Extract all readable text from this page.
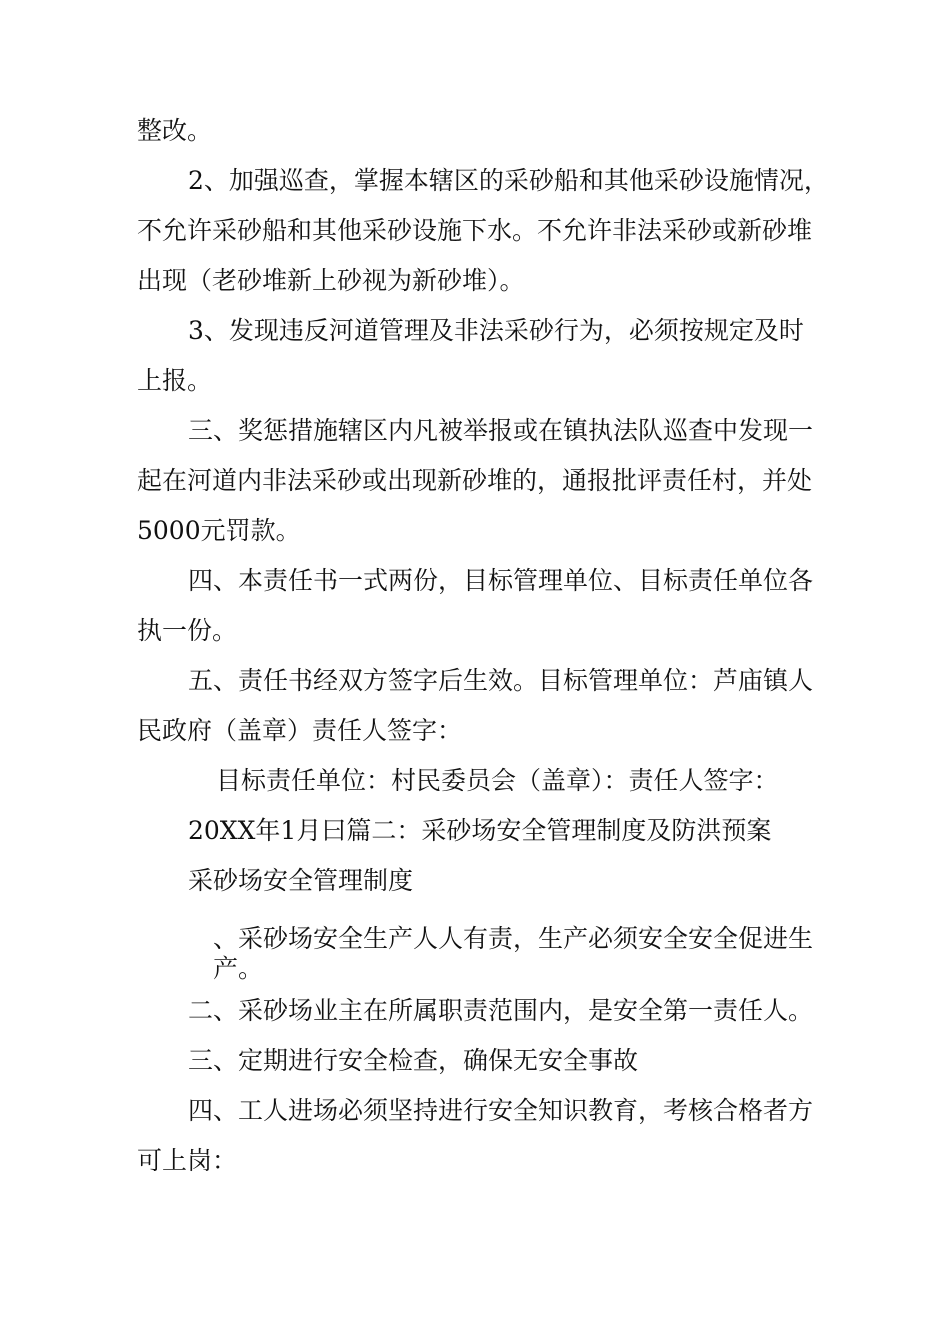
整改。
2、加强巡查，掌握本辖区的采砂船和其他采砂设施情况，
不允许采砂船和其他采砂设施下水。不允许非法采砂或新砂堆
出现（老砂堆新上砂视为新砂堆）。
3、发现违反河道管理及非法采砂行为，必须按规定及时
上报。
三、奖惩措施辖区内凡被举报或在镇执法队巡查中发现一
起在河道内非法采砂或出现新砂堆的，通报批评责任村，并处
5000元罚款。
四、本责任书一式两份，目标管理单位、目标责任单位各
执一份。
五、责任书经双方签字后生效。目标管理单位：芦庙镇人
民政府（盖章）责任人签字：
目标责任单位：村民委员会（盖章）：责任人签字：
20XX年1月曰篇二：采砂场安全管理制度及防洪预案
采砂场安全管理制度
、采砂场安全生产人人有责，生产必须安全安全促进生
产。
二、采砂场业主在所属职责范围内，是安全第一责任人。
三、定期进行安全检查，确保无安全事故
四、工人进场必须坚持进行安全知识教育，考核合格者方
可上岗：
